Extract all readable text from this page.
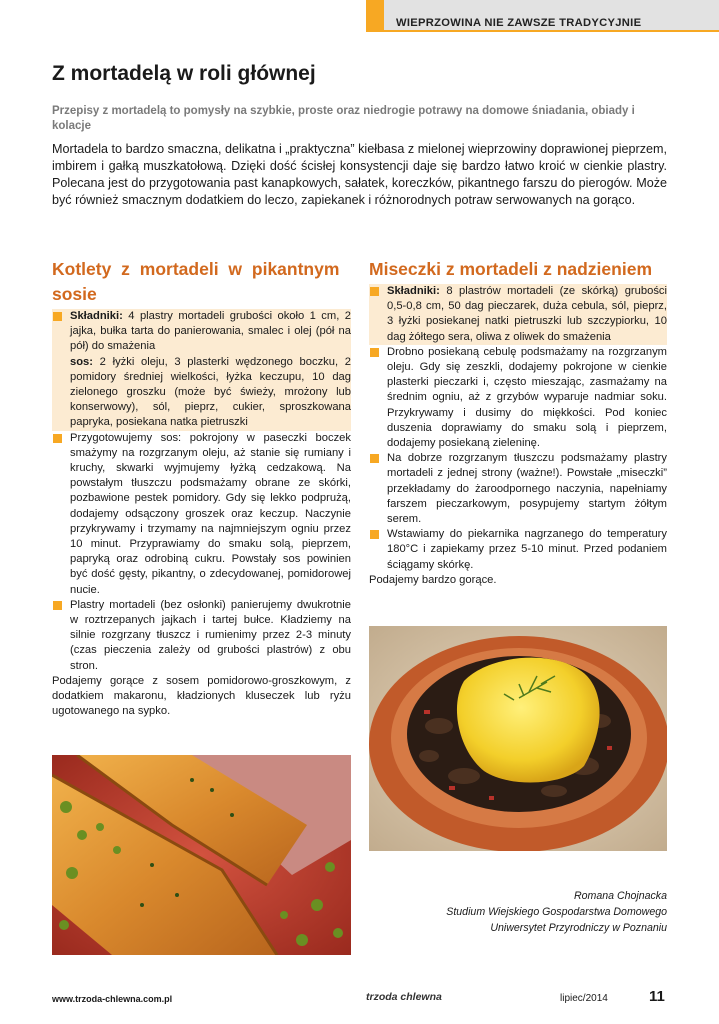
WIEPRZOWINA NIE ZAWSZE TRADYCYJNIE
Z mortadelą w roli głównej

Przepisy z mortadelą to pomysły na szybkie, proste oraz niedrogie potrawy na domowe śniadania, obiady i kolacje

Mortadela to bardzo smaczna, delikatna i „praktyczna” kiełbasa z mielonej wieprzowiny doprawionej pieprzem, imbirem i gałką muszkatołową. Dzięki dość ścisłej konsystencji daje się bardzo łatwo kroić w cienkie plastry. Polecana jest do przygotowania past kanapkowych, sałatek, koreczków, pikantnego farszu do pierogów. Może być również smacznym dodatkiem do leczo, zapiekanek i różnorodnych potraw serwowanych na gorąco.

Kotlety z mortadeli w pikantnym sosie
Składniki: 4 plastry mortadeli grubości około 1 cm, 2 jajka, bułka tarta do panierowania, smalec i olej (pół na pół) do smażenia
sos: 2 łyżki oleju, 3 plasterki wędzonego boczku, 2 pomidory średniej wielkości, łyżka keczupu, 10 dag zielonego groszku (może być świeży, mrożony lub konserwowy), sól, pieprz, cukier, sproszkowana papryka, posiekana natka pietruszki
Przygotowujemy sos: pokrojony w paseczki boczek smażymy na rozgrzanym oleju, aż stanie się rumiany i kruchy, skwarki wyjmujemy łyżką cedzakową. Na powstałym tłuszczu podsmażamy obrane ze skórki, pozbawione pestek pomidory. Gdy się lekko podprużą, dodajemy odsączony groszek oraz keczup. Naczynie przykrywamy i trzymamy na najmniejszym ogniu przez 10 minut. Przyprawiamy do smaku solą, pieprzem, papryką oraz odrobiną cukru. Powstały sos powinien być dość gęsty, pikantny, o zdecydowanej, pomidorowej nucie.
Plastry mortadeli (bez osłonki) panierujemy dwukrotnie w roztrzepanych jajkach i tartej bułce. Kładziemy na silnie rozgrzany tłuszcz i rumienimy przez 2-3 minuty (czas pieczenia zależy od grubości plastrów) z obu stron.

Podajemy gorące z sosem pomidorowo-groszkowym, z dodatkiem makaronu, kładzionych kluseczek lub ryżu ugotowanego na sypko.

Miseczki z mortadeli z nadzieniem
Składniki: 8 plastrów mortadeli (ze skórką) grubości 0,5-0,8 cm, 50 dag pieczarek, duża cebula, sól, pieprz, 3 łyżki posiekanej natki pietruszki lub szczypiorku, 10 dag żółtego sera, oliwa z oliwek do smażenia
Drobno posiekaną cebulę podsmażamy na rozgrzanym oleju. Gdy się zeszkli, dodajemy pokrojone w cienkie plasterki pieczarki i, często mieszając, zasmażamy na średnim ogniu, aż z grzybów wyparuje nadmiar soku. Przykrywamy i dusimy do miękkości. Pod koniec duszenia doprawiamy do smaku solą i pieprzem, dodajemy posiekaną zieleninę.
Na dobrze rozgrzanym tłuszczu podsmażamy plastry mortadeli z jednej strony (ważne!). Powstałe „miseczki” przekładamy do żaroodpornego naczynia, napełniamy farszem pieczarkowym, posypujemy startym żółtym serem.
Wstawiamy do piekarnika nagrzanego do temperatury 180°C i zapiekamy przez 5-10 minut. Przed podaniem ściągamy skórkę.

Podajemy bardzo gorące.

Romana Chojnacka
Studium Wiejskiego Gospodarstwa Domowego
Uniwersytet Przyrodniczy w Poznaniu
www.trzoda-chlewna.com.pl	trzoda chlewna	lipiec/2014	11
